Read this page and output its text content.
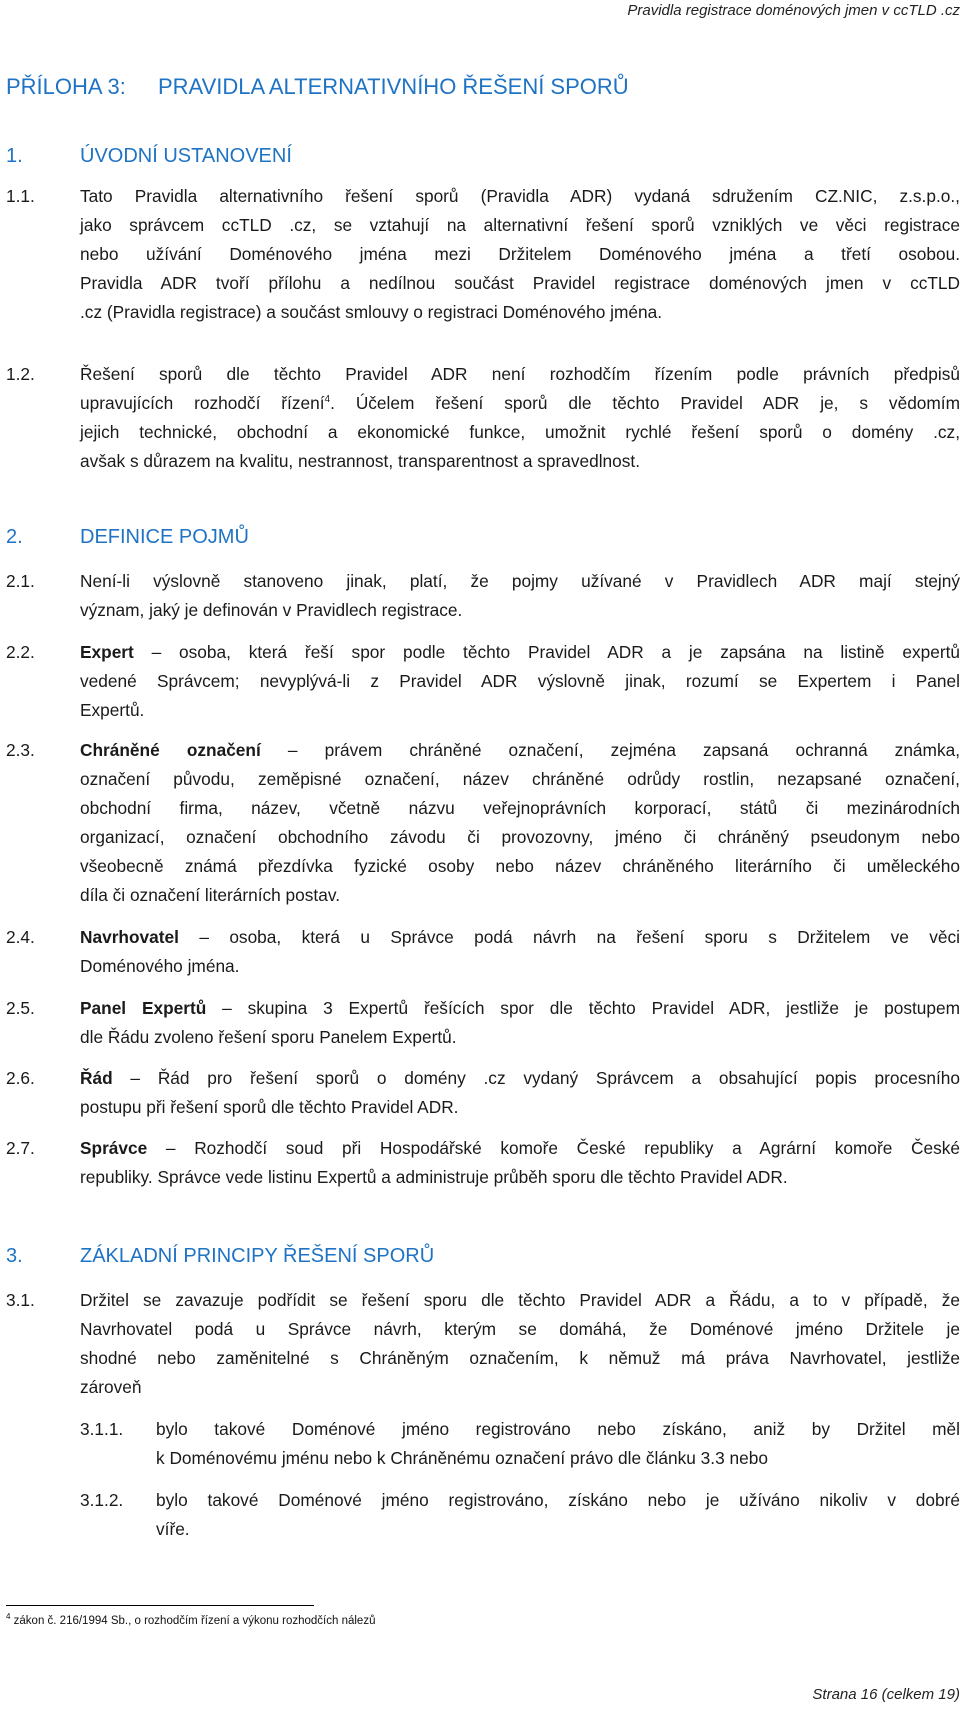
Pravidla registrace doménových jmen v ccTLD .cz
PŘÍLOHA 3: PRAVIDLA ALTERNATIVNÍHO ŘEŠENÍ SPORŮ
1.	ÚVODNÍ USTANOVENÍ
1.1.	Tato Pravidla alternativního řešení sporů (Pravidla ADR) vydaná sdružením CZ.NIC, z.s.p.o.,
jako správcem ccTLD .cz, se vztahují na alternativní řešení sporů vzniklých ve věci registrace
nebo užívání Doménového jména mezi Držitelem Doménového jména a třetí osobou.
Pravidla ADR tvoří přílohu a nedílnou součást Pravidel registrace doménových jmen v ccTLD
.cz (Pravidla registrace) a součást smlouvy o registraci Doménového jména.
1.2.	Řešení sporů dle těchto Pravidel ADR není rozhodčím řízením podle právních předpisů
upravujících rozhodčí řízení$^4$. Účelem řešení sporů dle těchto Pravidel ADR je, s vědomím
jejich technické, obchodní a ekonomické funkce, umožnit rychlé řešení sporů o domény .cz,
avšak s důrazem na kvalitu, nestrannost, transparentnost a spravedlnost.
2.	DEFINICE POJMŮ
2.1.	Není-li výslovně stanoveno jinak, platí, že pojmy užívané v Pravidlech ADR mají stejný
význam, jaký je definován v Pravidlech registrace.
2.2.	Expert – osoba, která řeší spor podle těchto Pravidel ADR a je zapsána na listině expertů
vedené Správcem; nevyplývá-li z Pravidel ADR výslovně jinak, rozumí se Expertem i Panel
Expertů.
2.3.	Chráněné označení – právem chráněné označení, zejména zapsaná ochranná známka,
označení původu, zeměpisné označení, název chráněné odrůdy rostlin, nezapsané označení,
obchodní firma, název, včetně názvu veřejnoprávních korporací, států či mezinárodních
organizací, označení obchodního závodu či provozovny, jméno či chráněný pseudonym nebo
všeobecně známá přezdívka fyzické osoby nebo název chráněného literárního či uměleckého
díla či označení literárních postav.
2.4.	Navrhovatel – osoba, která u Správce podá návrh na řešení sporu s Držitelem ve věci
Doménového jména.
2.5.	Panel Expertů – skupina 3 Expertů řešících spor dle těchto Pravidel ADR, jestliže je postupem
dle Řádu zvoleno řešení sporu Panelem Expertů.
2.6.	Řád – Řád pro řešení sporů o domény .cz vydaný Správcem a obsahující popis procesního
postupu při řešení sporů dle těchto Pravidel ADR.
2.7.	Správce – Rozhodčí soud při Hospodářské komoře České republiky a Agrární komoře České
republiky. Správce vede listinu Expertů a administruje průběh sporu dle těchto Pravidel ADR.
3.	ZÁKLADNÍ PRINCIPY ŘEŠENÍ SPORŮ
3.1.	Držitel se zavazuje podřídit se řešení sporu dle těchto Pravidel ADR a Řádu, a to v případě, že
Navrhovatel podá u Správce návrh, kterým se domáhá, že Doménové jméno Držitele je
shodné nebo zaměnitelné s Chráněným označením, k němuž má práva Navrhovatel, jestliže
zároveň
3.1.1. bylo takové Doménové jméno registrováno nebo získáno, aniž by Držitel měl
k Doménovému jménu nebo k Chráněnému označení právo dle článku 3.3 nebo
3.1.2. bylo takové Doménové jméno registrováno, získáno nebo je užíváno nikoliv v dobré
víře.
$^4$ zákon č. 216/1994 Sb., o rozhodčím řízení a výkonu rozhodčích nálezů
Strana 16 (celkem 19)
